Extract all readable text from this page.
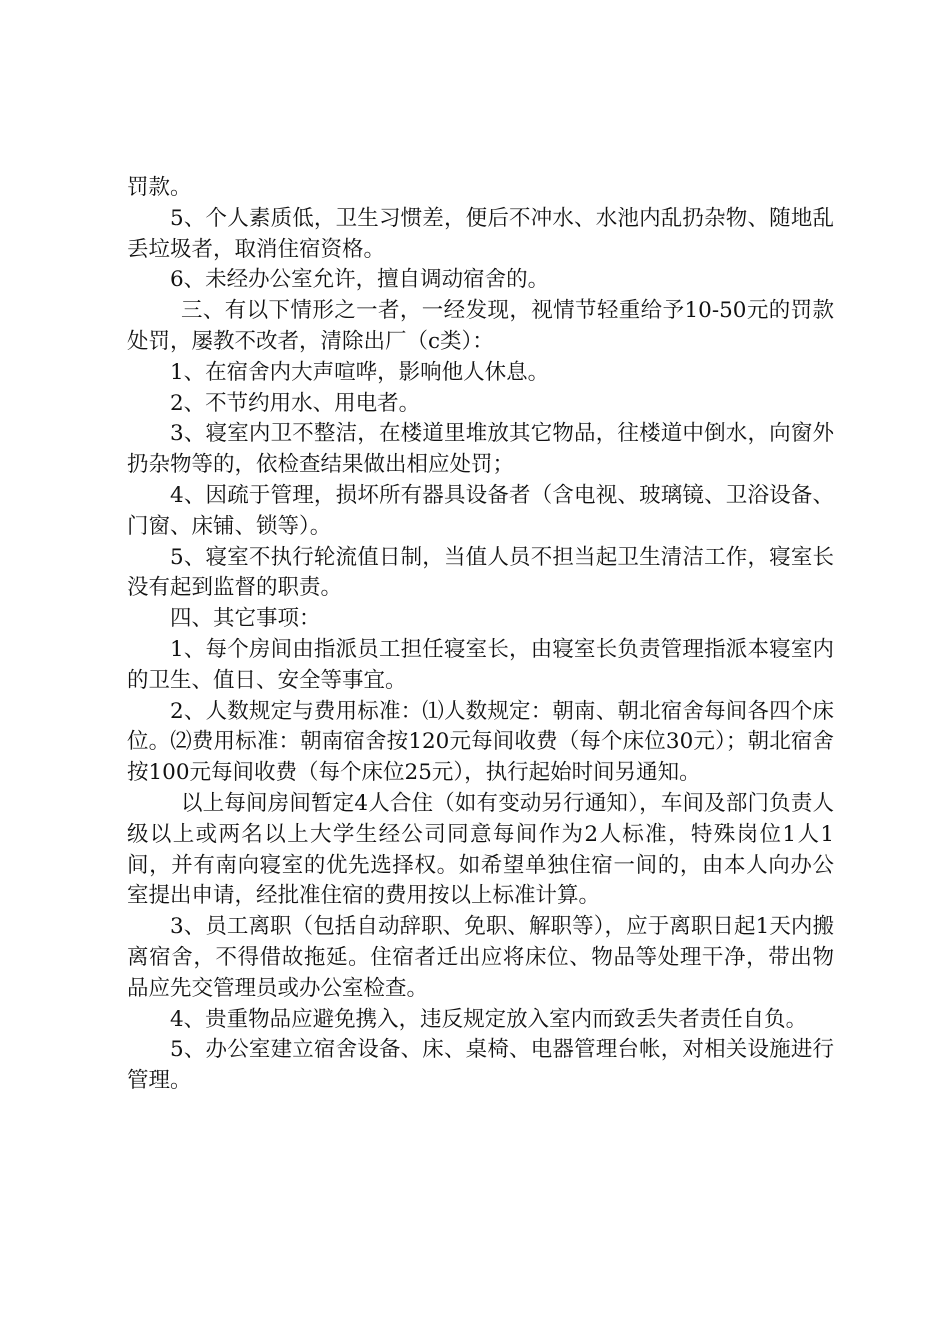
罚款。

5、个人素质低，卫生习惯差，便后不冲水、水池内乱扔杂物、随地乱丢垃圾者，取消住宿资格。

6、未经办公室允许，擅自调动宿舍的。

三、有以下情形之一者，一经发现，视情节轻重给予10-50元的罚款处罚，屡教不改者，清除出厂（c类）：

1、在宿舍内大声喧哗，影响他人休息。

2、不节约用水、用电者。

3、寝室内卫不整洁，在楼道里堆放其它物品，往楼道中倒水，向窗外扔杂物等的，依检查结果做出相应处罚；

4、因疏于管理，损坏所有器具设备者（含电视、玻璃镜、卫浴设备、门窗、床铺、锁等）。

5、寝室不执行轮流值日制，当值人员不担当起卫生清洁工作，寝室长没有起到监督的职责。

四、其它事项：

1、每个房间由指派员工担任寝室长，由寝室长负责管理指派本寝室内的卫生、值日、安全等事宜。

2、人数规定与费用标准：⑴人数规定：朝南、朝北宿舍每间各四个床位。⑵费用标准：朝南宿舍按120元每间收费（每个床位30元）；朝北宿舍按100元每间收费（每个床位25元），执行起始时间另通知。

以上每间房间暂定4人合住（如有变动另行通知），车间及部门负责人级以上或两名以上大学生经公司同意每间作为2人标准，特殊岗位1人1间，并有南向寝室的优先选择权。如希望单独住宿一间的，由本人向办公室提出申请，经批准住宿的费用按以上标准计算。

3、员工离职（包括自动辞职、免职、解职等），应于离职日起1天内搬离宿舍，不得借故拖延。住宿者迁出应将床位、物品等处理干净，带出物品应先交管理员或办公室检查。

4、贵重物品应避免携入，违反规定放入室内而致丢失者责任自负。

5、办公室建立宿舍设备、床、桌椅、电器管理台帐，对相关设施进行管理。
